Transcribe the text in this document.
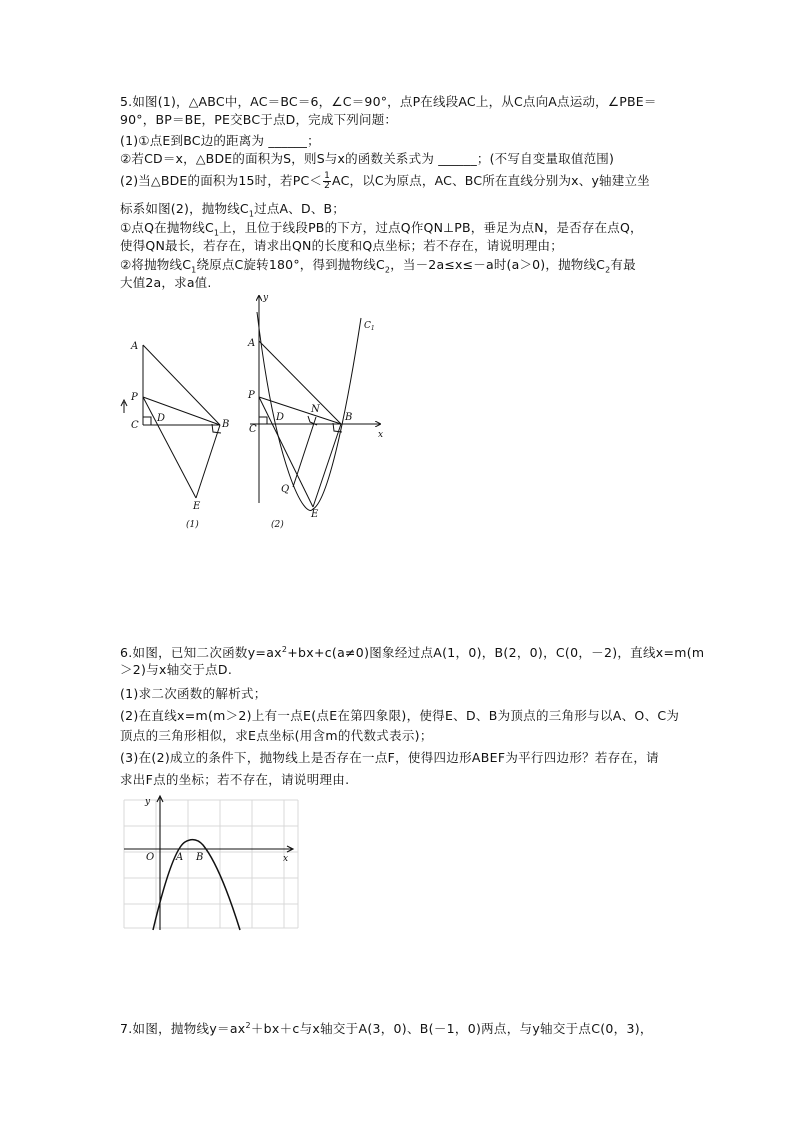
5.如图(1)，△ABC中，AC＝BC＝6，∠C＝90°，点P在线段AC上，从C点向A点运动，∠PBE＝
90°，BP＝BE，PE交BC于点D，完成下列问题：
(1)①点E到BC边的距离为 ______；
②若CD＝x，△BDE的面积为S，则S与x的函数关系式为 ______；(不写自变量取值范围)
(2)当△BDE的面积为15时，若$PC< \frac{1}{2}$ AC，以C为原点，AC、BC所在直线分别为x、y轴建立坐
标系如图(2)，抛物线$C_1$过点A、D、B；
①点Q在抛物线$C_1$上，且位于线段PB的下方，过点Q作QN⊥PB，垂足为点N，是否存在点Q，
使得QN最长，若存在，请求出QN的长度和Q点坐标；若不存在，请说明理由；
②将抛物线$C_1$绕原点C旋转180°，得到抛物线$C_2$，当－2a≤x≤－a时(a＞0)，抛物线$C_2$有最
大值2a，求a值.
A
P
C
D
B
E
(1)
y
x
A
P
C
D
N
B
Q
E
$C_1$
(2)
6.如图，已知二次函数$y=ax^2+bx+c(a\ne 0)$图象经过点A(1，0)，B(2，0)，C(0，－2)，直线x=m(m
＞2)与x轴交于点D.
(1)求二次函数的解析式；
(2)在直线x=m(m＞2)上有一点E(点E在第四象限)，使得E、D、B为顶点的三角形与以A、O、C为
顶点的三角形相似，求E点坐标(用含m的代数式表示)；
(3)在(2)成立的条件下，抛物线上是否存在一点F，使得四边形ABEF为平行四边形？若存在，请
求出F点的坐标；若不存在，请说明理由.
y
x
O A B
7.如图，抛物线$y=ax^2+bx+c$与x轴交于A(3，0)、B(－1，0)两点，与y轴交于点C(0，3)，
